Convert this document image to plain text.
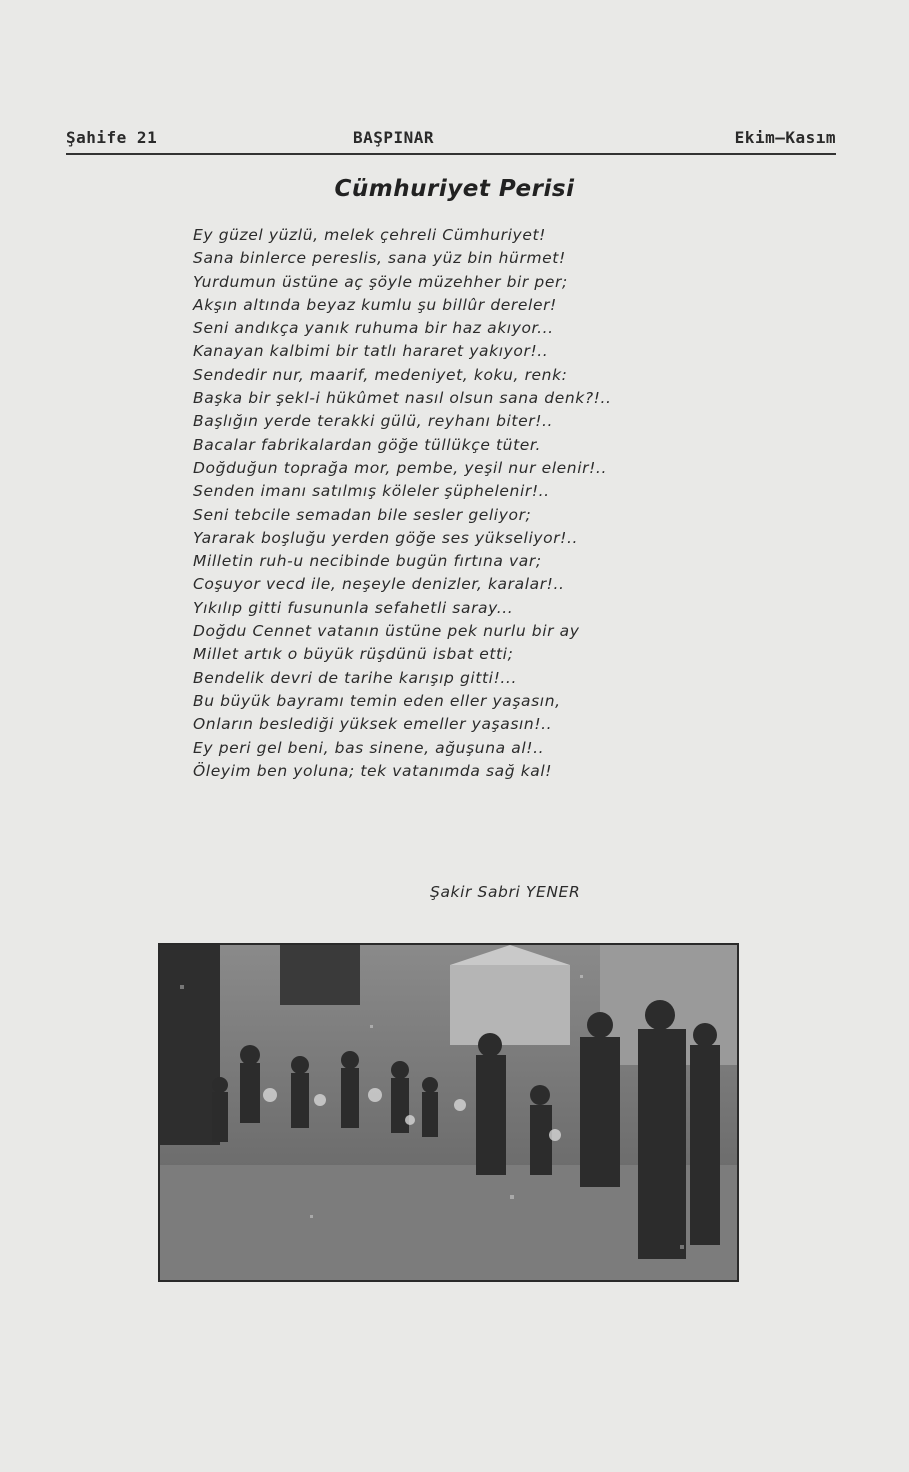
Şahife 21	BAŞPINAR	Ekim—Kasım
Cümhuriyet Perisi
Ey güzel yüzlü, melek çehreli Cümhuriyet!
Sana binlerce pereslis, sana yüz bin hürmet!
Yurdumun üstüne aç şöyle müzehher bir per;
Akşın altında beyaz kumlu şu billûr dereler!
Seni andıkça yanık ruhuma bir haz akıyor...
Kanayan kalbimi bir tatlı hararet yakıyor!..
Sendedir nur, maarif, medeniyet, koku, renk:
Başka bir şekl-i hükûmet nasıl olsun sana denk?!..
Başlığın yerde terakki gülü, reyhanı biter!..
Bacalar fabrikalardan göğe tüllükçe tüter.
Doğduğun toprağa mor, pembe, yeşil nur elenir!..
Senden imanı satılmış köleler şüphelenir!..
Seni tebcile semadan bile sesler geliyor;
Yararak boşluğu yerden göğe ses yükseliyor!..
Milletin ruh-u necibinde bugün fırtına var;
Coşuyor vecd ile, neşeyle denizler, karalar!..
Yıkılıp gitti fusununla sefahetli saray...
Doğdu Cennet vatanın üstüne pek nurlu bir ay
Millet artık o büyük rüşdünü isbat etti;
Bendelik devri de tarihe karışıp gitti!...
Bu büyük bayramı temin eden eller yaşasın,
Onların beslediği yüksek emeller yaşasın!..
Ey peri gel beni, bas sinene, ağuşuna al!..
Öleyim ben yoluna; tek vatanımda sağ kal!
Şakir Sabri YENER
